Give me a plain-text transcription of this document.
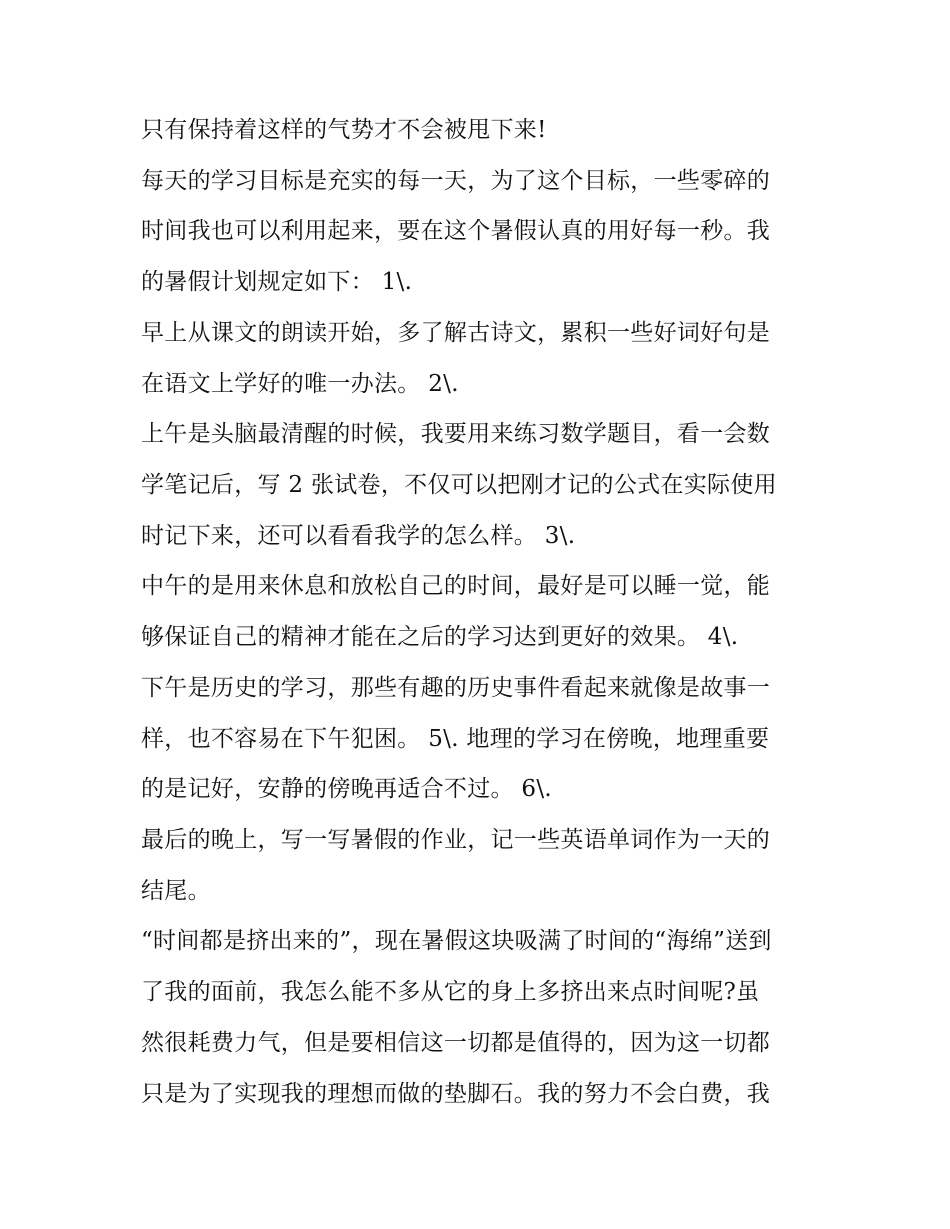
只有保持着这样的气势才不会被甩下来!

每天的学习目标是充实的每一天，为了这个目标，一些零碎的

时间我也可以利用起来，要在这个暑假认真的用好每一秒。我

的暑假计划规定如下： 1\.

早上从课文的朗读开始，多了解古诗文，累积一些好词好句是

在语文上学好的唯一办法。 2\.

上午是头脑最清醒的时候，我要用来练习数学题目，看一会数

学笔记后，写 2 张试卷，不仅可以把刚才记的公式在实际使用

时记下来，还可以看看我学的怎么样。 3\.

中午的是用来休息和放松自己的时间，最好是可以睡一觉，能

够保证自己的精神才能在之后的学习达到更好的效果。 4\.

下午是历史的学习，那些有趣的历史事件看起来就像是故事一

样，也不容易在下午犯困。 5\. 地理的学习在傍晚，地理重要

的是记好，安静的傍晚再适合不过。 6\.

最后的晚上，写一写暑假的作业，记一些英语单词作为一天的

结尾。

“时间都是挤出来的”，现在暑假这块吸满了时间的“海绵”送到

了我的面前，我怎么能不多从它的身上多挤出来点时间呢?虽

然很耗费力气，但是要相信这一切都是值得的，因为这一切都

只是为了实现我的理想而做的垫脚石。我的努力不会白费，我
